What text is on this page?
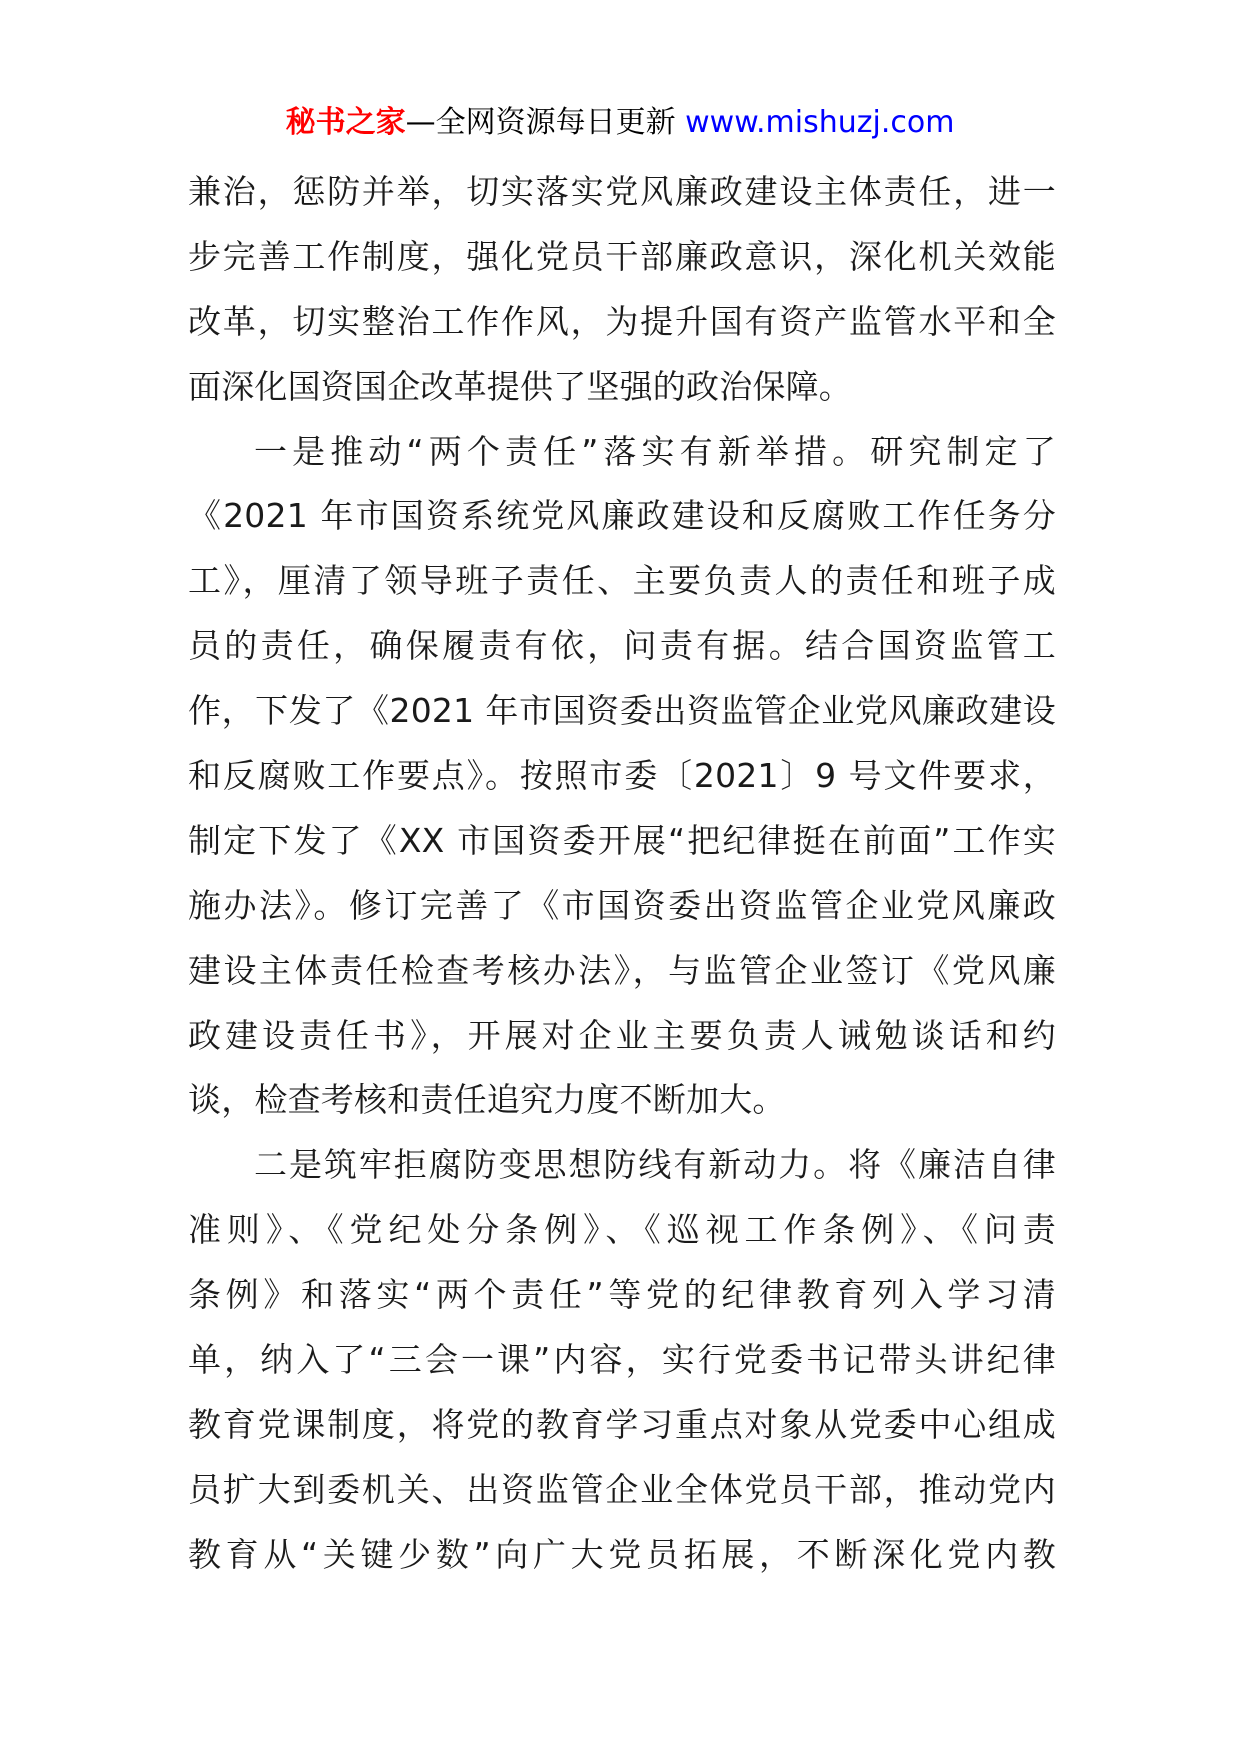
秘书之家—全网资源每日更新 www.mishuzj.com
兼治，惩防并举，切实落实党风廉政建设主体责任，进一
步完善工作制度，强化党员干部廉政意识，深化机关效能
改革，切实整治工作作风，为提升国有资产监管水平和全
面深化国资国企改革提供了坚强的政治保障。
一是推动“两个责任”落实有新举措。研究制定了
《2021 年市国资系统党风廉政建设和反腐败工作任务分
工》，厘清了领导班子责任、主要负责人的责任和班子成
员的责任，确保履责有依，问责有据。结合国资监管工
作，下发了《2021 年市国资委出资监管企业党风廉政建设
和反腐败工作要点》。按照市委〔2021〕9 号文件要求，
制定下发了《XX 市国资委开展“把纪律挺在前面”工作实
施办法》。修订完善了《市国资委出资监管企业党风廉政
建设主体责任检查考核办法》，与监管企业签订《党风廉
政建设责任书》，开展对企业主要负责人诫勉谈话和约
谈，检查考核和责任追究力度不断加大。
二是筑牢拒腐防变思想防线有新动力。将《廉洁自律
准则》、《党纪处分条例》、《巡视工作条例》、《问责
条例》和落实“两个责任”等党的纪律教育列入学习清
单，纳入了“三会一课”内容，实行党委书记带头讲纪律
教育党课制度，将党的教育学习重点对象从党委中心组成
员扩大到委机关、出资监管企业全体党员干部，推动党内
教育从“关键少数”向广大党员拓展，不断深化党内教
